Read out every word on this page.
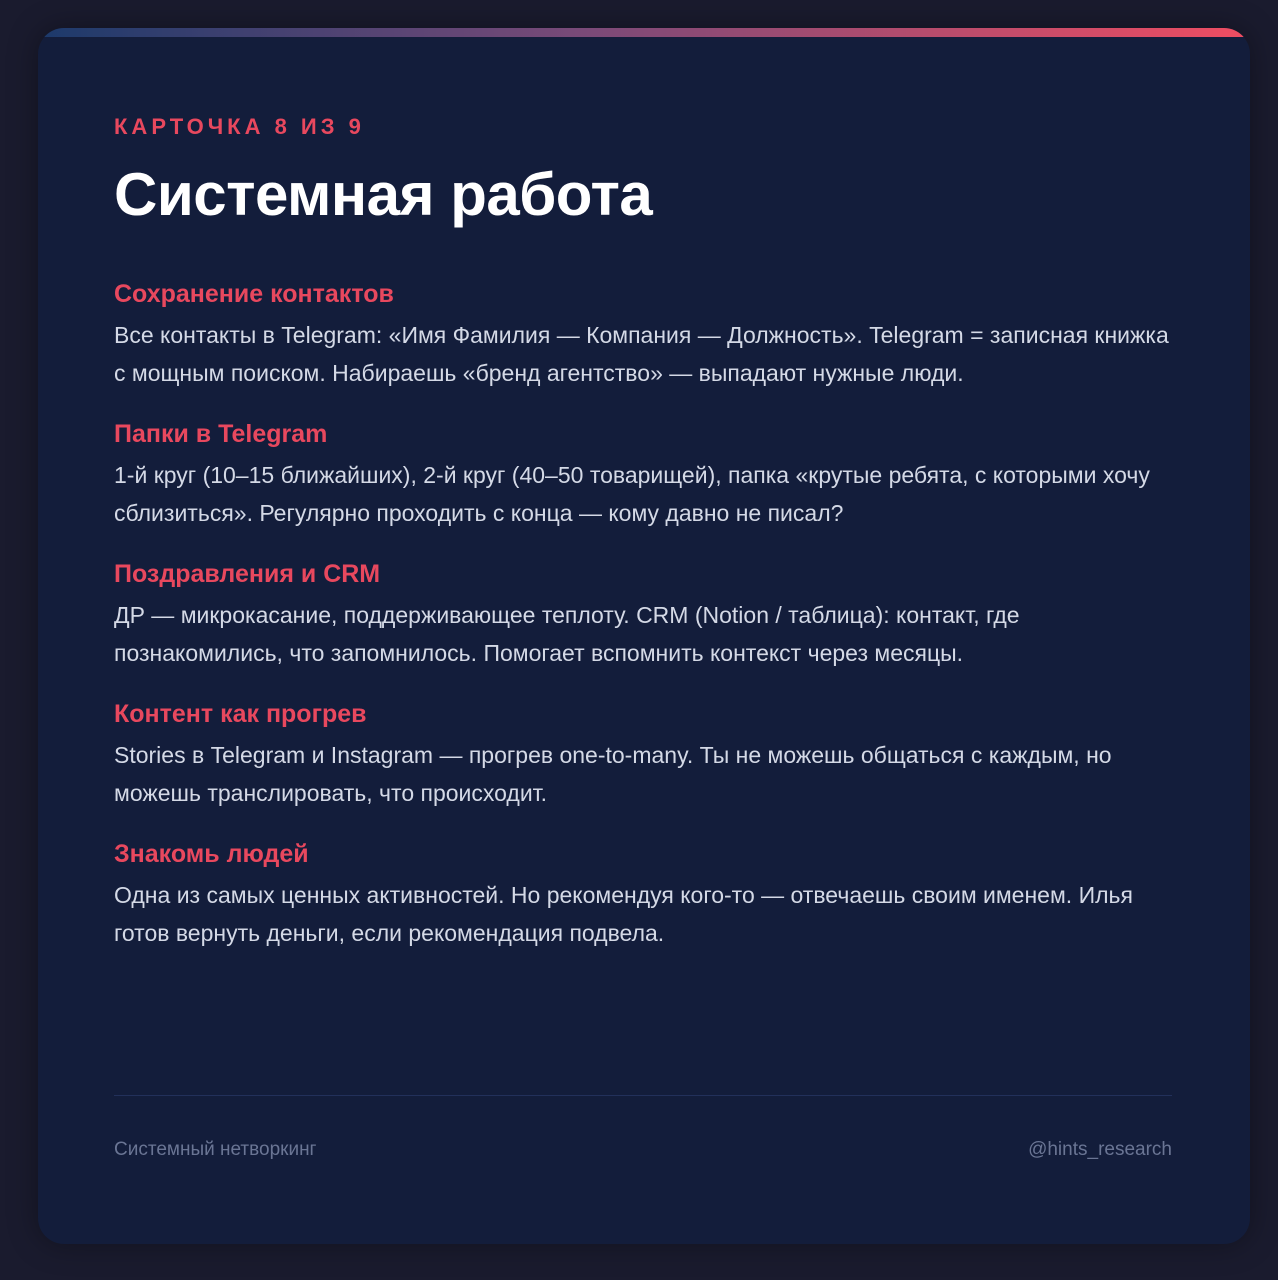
КАРТОЧКА 8 ИЗ 9

Системная работа
Сохранение контактов

Все контакты в Telegram: «Имя Фамилия — Компания — Должность». Telegram = записная книжка с мощным поиском. Набираешь «бренд агентство» — выпадают нужные люди.

Папки в Telegram

1-й круг (10–15 ближайших), 2-й круг (40–50 товарищей), папка «крутые ребята, с которыми хочу сблизиться». Регулярно проходить с конца — кому давно не писал?

Поздравления и CRM

ДР — микрокасание, поддерживающее теплоту. CRM (Notion / таблица): контакт, где познакомились, что запомнилось. Помогает вспомнить контекст через месяцы.

Контент как прогрев

Stories в Telegram и Instagram — прогрев one-to-many. Ты не можешь общаться с каждым, но можешь транслировать, что происходит.

Знакомь людей

Одна из самых ценных активностей. Но рекомендуя кого-то — отвечаешь своим именем. Илья готов вернуть деньги, если рекомендация подвела.

Системный нетворкинг	@hints_research
